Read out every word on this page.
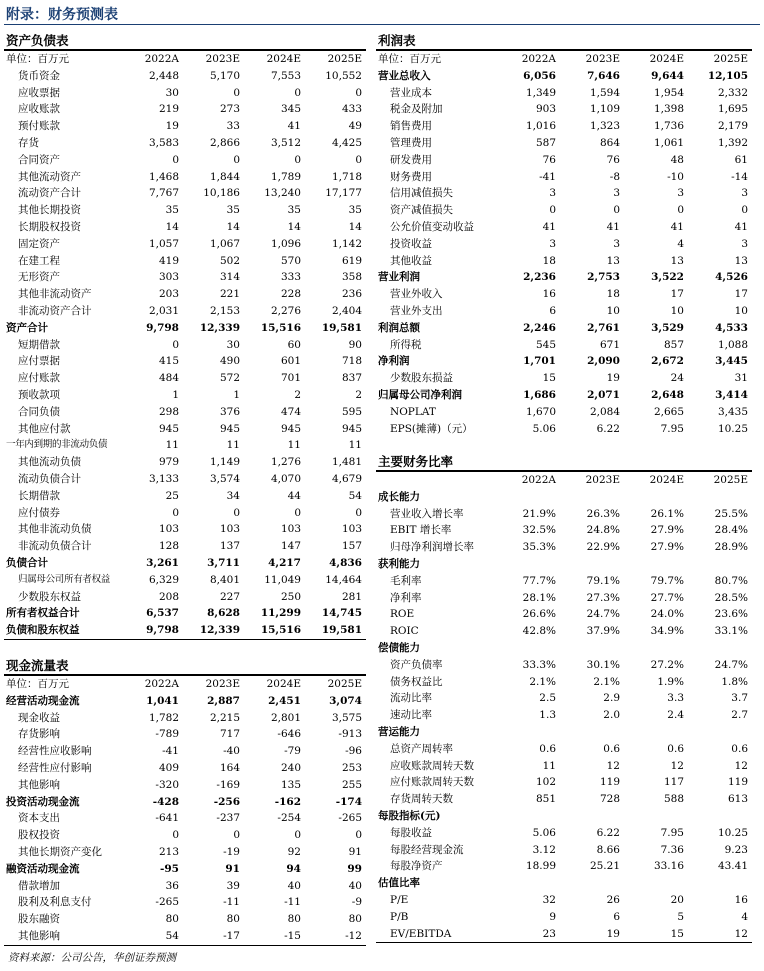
附录：财务预测表
资产负债表
单位：百万元	2022A	2023E	2024E	2025E
货币资金	2,448	5,170	7,553	10,552
应收票据	30	0	0	0
应收账款	219	273	345	433
预付账款	19	33	41	49
存货	3,583	2,866	3,512	4,425
合同资产	0	0	0	0
其他流动资产	1,468	1,844	1,789	1,718
流动资产合计	7,767	10,186	13,240	17,177
其他长期投资	35	35	35	35
长期股权投资	14	14	14	14
固定资产	1,057	1,067	1,096	1,142
在建工程	419	502	570	619
无形资产	303	314	333	358
其他非流动资产	203	221	228	236
非流动资产合计	2,031	2,153	2,276	2,404
资产合计	9,798	12,339	15,516	19,581
短期借款	0	30	60	90
应付票据	415	490	601	718
应付账款	484	572	701	837
预收款项	1	1	2	2
合同负债	298	376	474	595
其他应付款	945	945	945	945
一年内到期的非流动负债	11	11	11	11
其他流动负债	979	1,149	1,276	1,481
流动负债合计	3,133	3,574	4,070	4,679
长期借款	25	34	44	54
应付债券	0	0	0	0
其他非流动负债	103	103	103	103
非流动负债合计	128	137	147	157
负债合计	3,261	3,711	4,217	4,836
归属母公司所有者权益	6,329	8,401	11,049	14,464
少数股东权益	208	227	250	281
所有者权益合计	6,537	8,628	11,299	14,745
负债和股东权益	9,798	12,339	15,516	19,581
现金流量表
单位：百万元	2022A	2023E	2024E	2025E
经营活动现金流	1,041	2,887	2,451	3,074
现金收益	1,782	2,215	2,801	3,575
存货影响	-789	717	-646	-913
经营性应收影响	-41	-40	-79	-96
经营性应付影响	409	164	240	253
其他影响	-320	-169	135	255
投资活动现金流	-428	-256	-162	-174
资本支出	-641	-237	-254	-265
股权投资	0	0	0	0
其他长期资产变化	213	-19	92	91
融资活动现金流	-95	91	94	99
借款增加	36	39	40	40
股利及利息支付	-265	-11	-11	-9
股东融资	80	80	80	80
其他影响	54	-17	-15	-12
利润表
单位：百万元	2022A	2023E	2024E	2025E
营业总收入	6,056	7,646	9,644	12,105
营业成本	1,349	1,594	1,954	2,332
税金及附加	903	1,109	1,398	1,695
销售费用	1,016	1,323	1,736	2,179
管理费用	587	864	1,061	1,392
研发费用	76	76	48	61
财务费用	-41	-8	-10	-14
信用减值损失	3	3	3	3
资产减值损失	0	0	0	0
公允价值变动收益	41	41	41	41
投资收益	3	3	4	3
其他收益	18	13	13	13
营业利润	2,236	2,753	3,522	4,526
营业外收入	16	18	17	17
营业外支出	6	10	10	10
利润总额	2,246	2,761	3,529	4,533
所得税	545	671	857	1,088
净利润	1,701	2,090	2,672	3,445
少数股东损益	15	19	24	31
归属母公司净利润	1,686	2,071	2,648	3,414
NOPLAT	1,670	2,084	2,665	3,435
EPS(摊薄)（元）	5.06	6.22	7.95	10.25
主要财务比率
	2022A	2023E	2024E	2025E
成长能力				
营业收入增长率	21.9%	26.3%	26.1%	25.5%
EBIT 增长率	32.5%	24.8%	27.9%	28.4%
归母净利润增长率	35.3%	22.9%	27.9%	28.9%
获利能力				
毛利率	77.7%	79.1%	79.7%	80.7%
净利率	28.1%	27.3%	27.7%	28.5%
ROE	26.6%	24.7%	24.0%	23.6%
ROIC	42.8%	37.9%	34.9%	33.1%
偿债能力				
资产负债率	33.3%	30.1%	27.2%	24.7%
债务权益比	2.1%	2.1%	1.9%	1.8%
流动比率	2.5	2.9	3.3	3.7
速动比率	1.3	2.0	2.4	2.7
营运能力				
总资产周转率	0.6	0.6	0.6	0.6
应收账款周转天数	11	12	12	12
应付账款周转天数	102	119	117	119
存货周转天数	851	728	588	613
每股指标(元)				
每股收益	5.06	6.22	7.95	10.25
每股经营现金流	3.12	8.66	7.36	9.23
每股净资产	18.99	25.21	33.16	43.41
估值比率				
P/E	32	26	20	16
P/B	9	6	5	4
EV/EBITDA	23	19	15	12
资料来源：公司公告，华创证券预测
